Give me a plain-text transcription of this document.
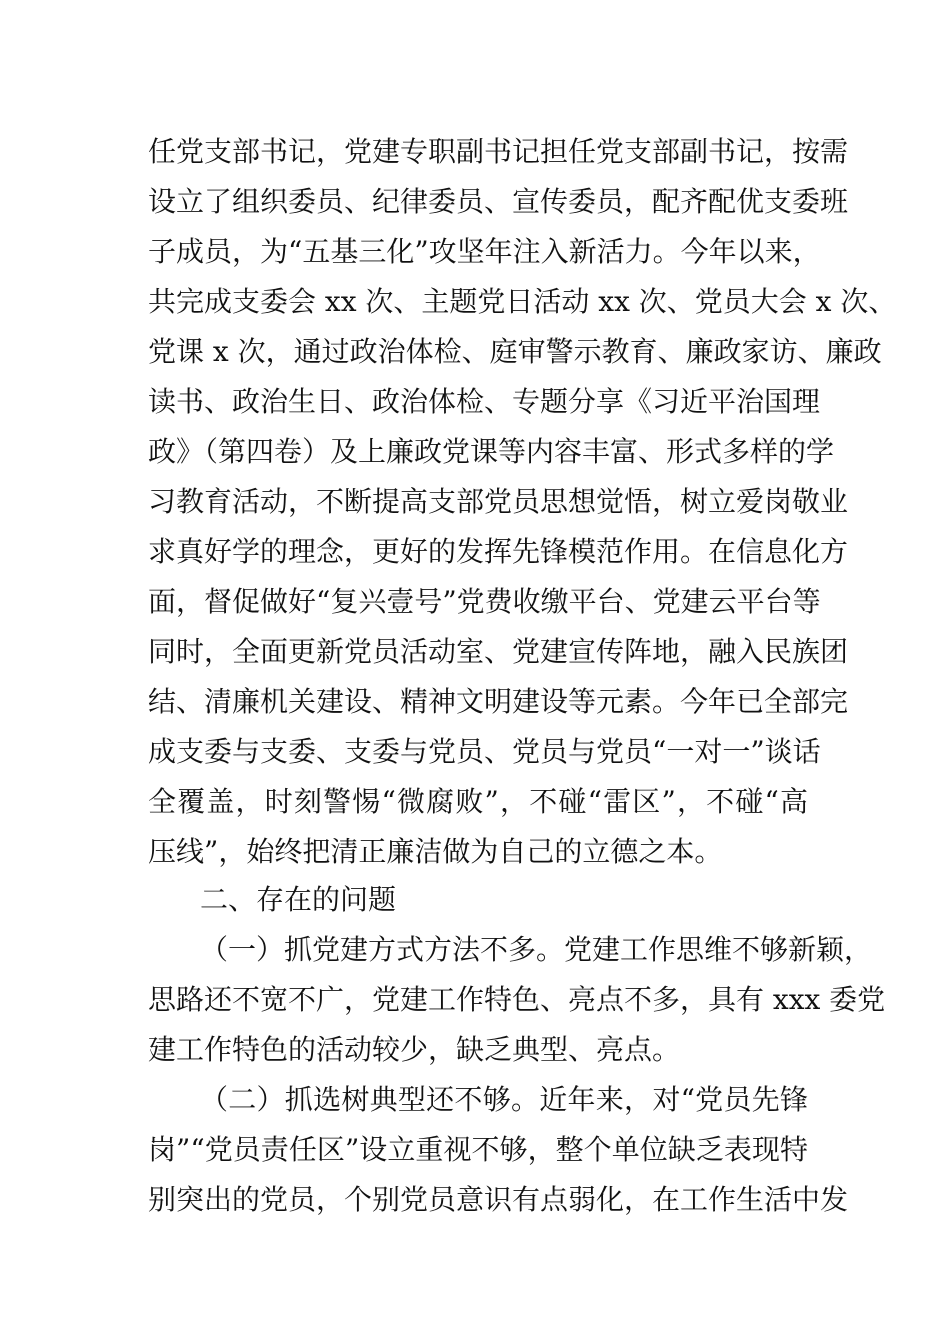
任党支部书记，党建专职副书记担任党支部副书记，按需
设立了组织委员、纪律委员、宣传委员，配齐配优支委班
子成员，为“五基三化”攻坚年注入新活力。今年以来，
共完成支委会 xx 次、主题党日活动 xx 次、党员大会 x 次、
党课 x 次，通过政治体检、庭审警示教育、廉政家访、廉政
读书、政治生日、政治体检、专题分享《习近平治国理
政》（第四卷）及上廉政党课等内容丰富、形式多样的学
习教育活动，不断提高支部党员思想觉悟，树立爱岗敬业
求真好学的理念，更好的发挥先锋模范作用。在信息化方
面，督促做好“复兴壹号”党费收缴平台、党建云平台等
同时，全面更新党员活动室、党建宣传阵地，融入民族团
结、清廉机关建设、精神文明建设等元素。今年已全部完
成支委与支委、支委与党员、党员与党员“一对一”谈话
全覆盖，时刻警惕“微腐败”，不碰“雷区”，不碰“高
压线”，始终把清正廉洁做为自己的立德之本。
二、存在的问题
（一）抓党建方式方法不多。党建工作思维不够新颖，
思路还不宽不广，党建工作特色、亮点不多，具有 xxx 委党
建工作特色的活动较少，缺乏典型、亮点。
（二）抓选树典型还不够。近年来，对“党员先锋
岗”“党员责任区”设立重视不够，整个单位缺乏表现特
别突出的党员，个别党员意识有点弱化，在工作生活中发
